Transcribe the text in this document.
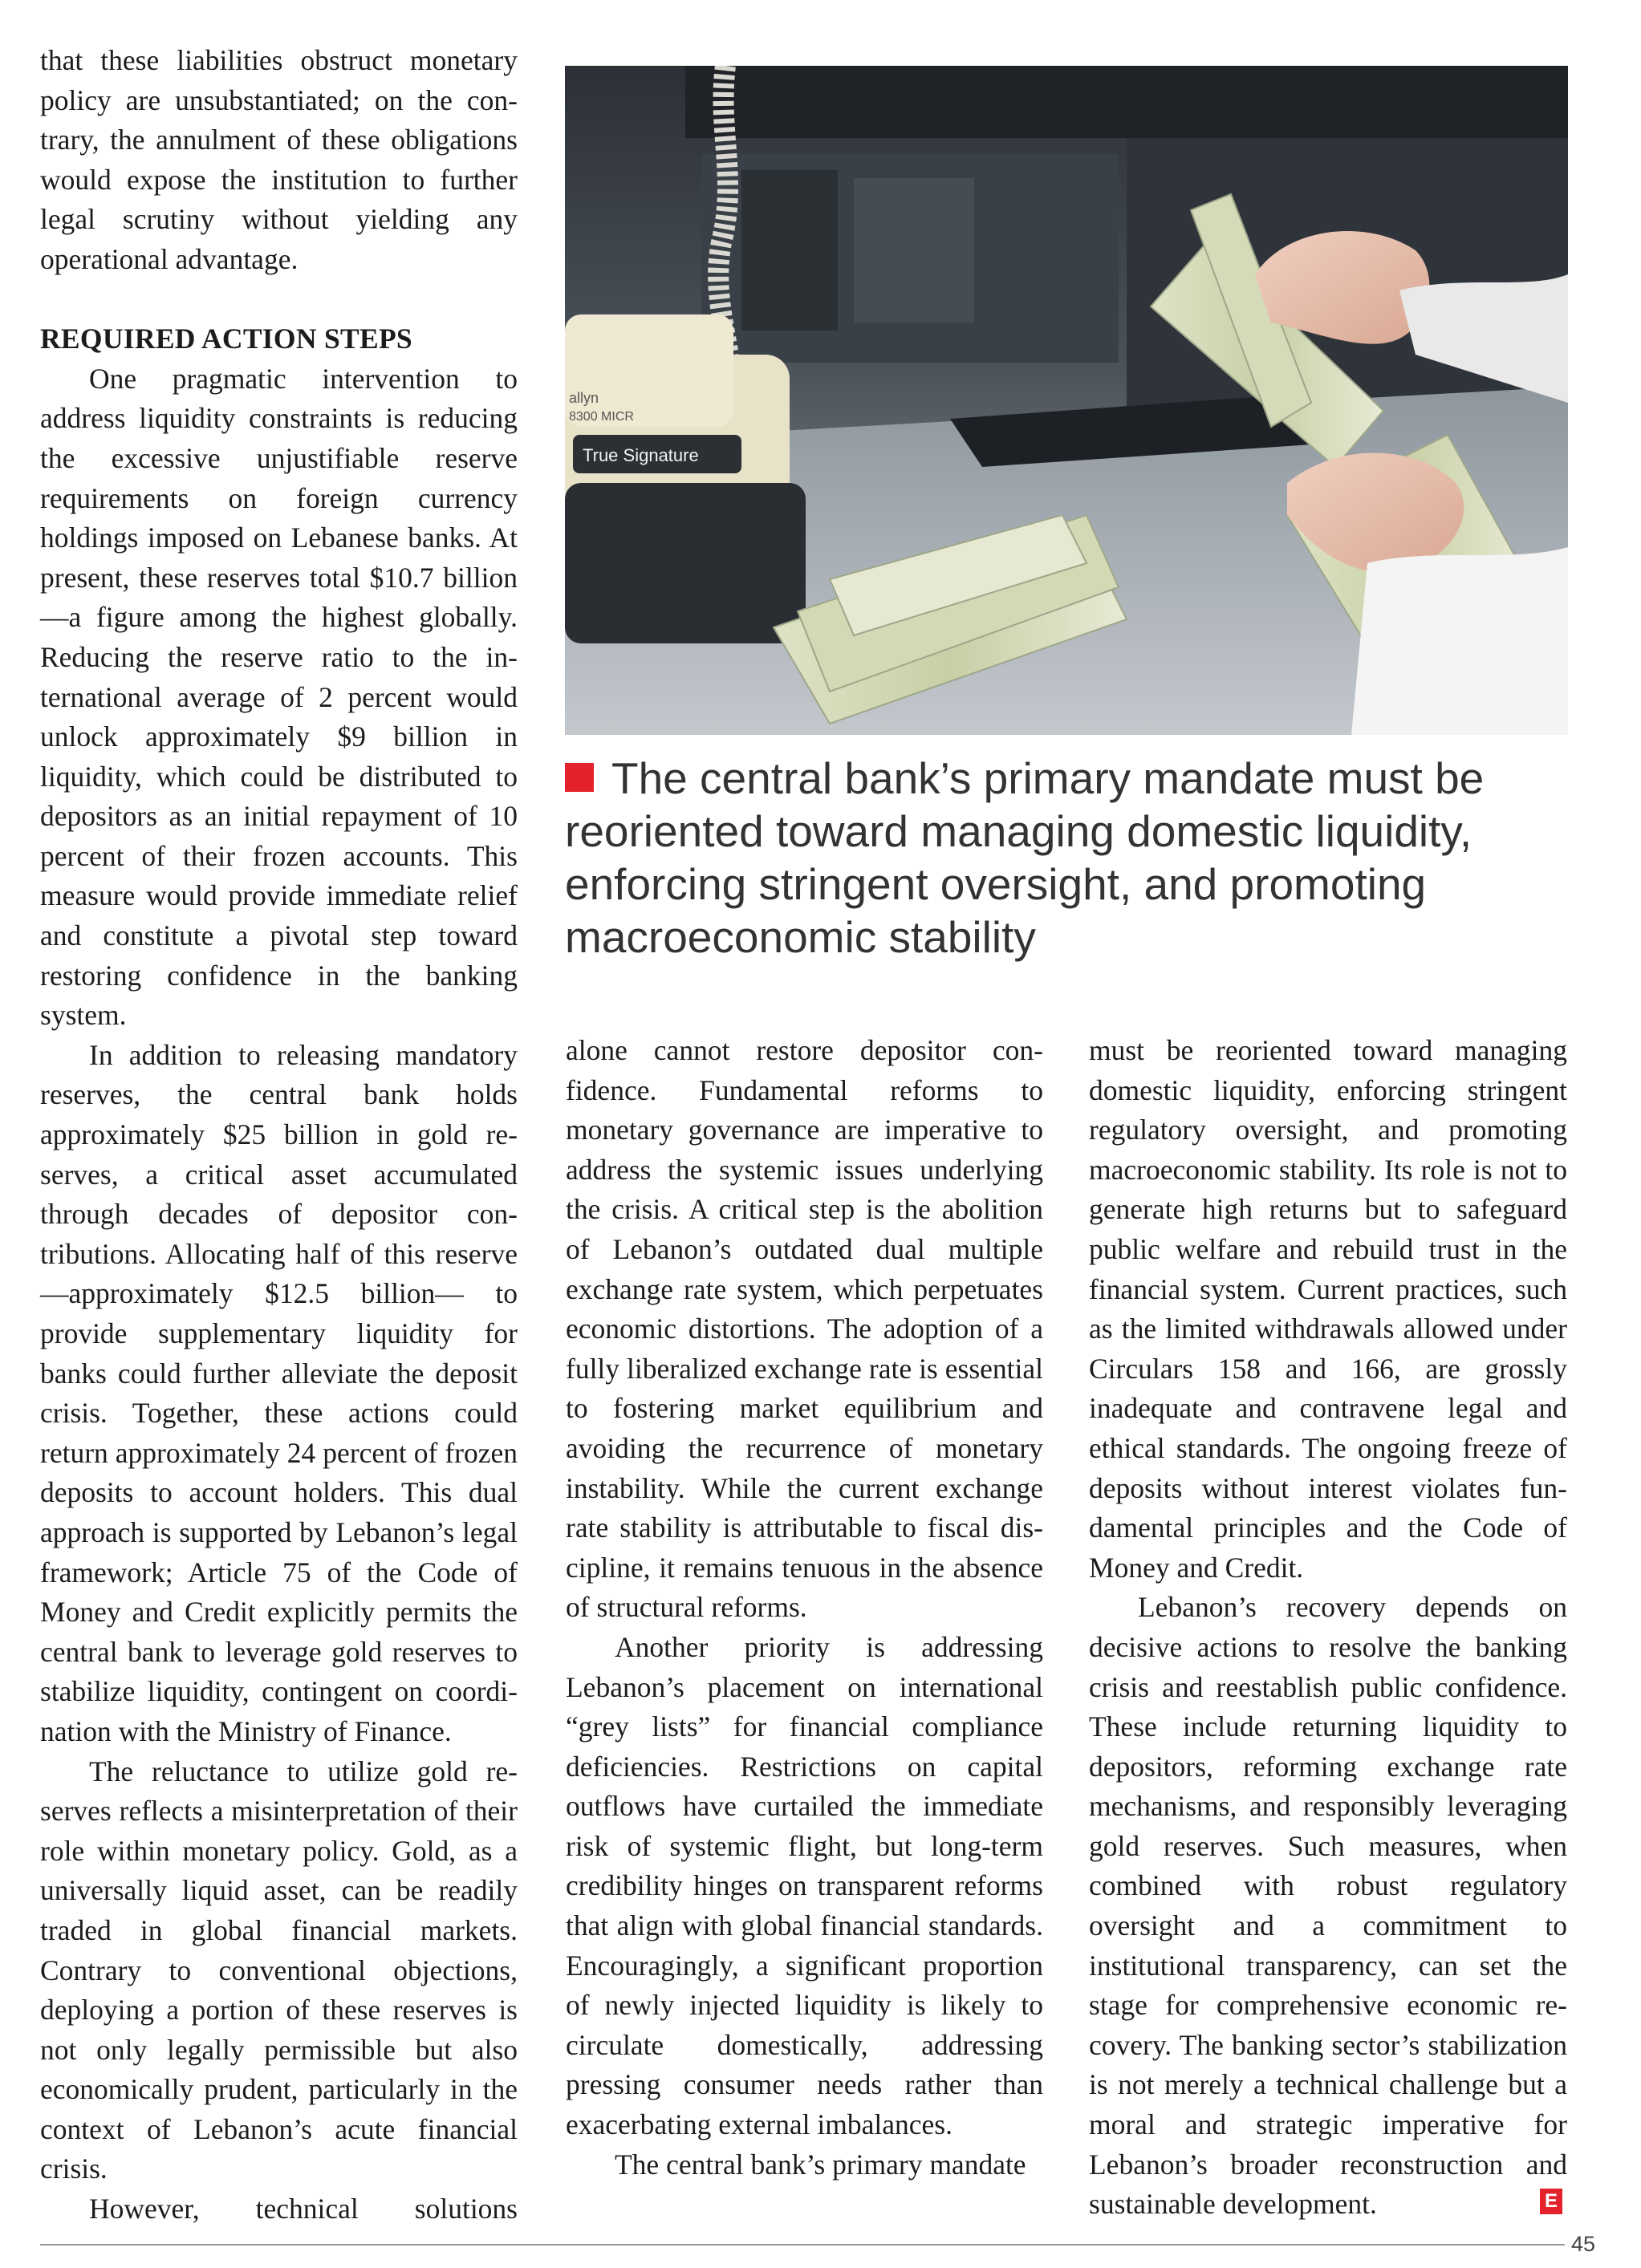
that these liabilities obstruct monetary policy are unsubstantiated; on the contrary, the annulment of these obligations would expose the institution to further legal scrutiny without yielding any operational advantage.

REQUIRED ACTION STEPS

One pragmatic intervention to address liquidity constraints is reducing the excessive unjustifiable reserve requirements on foreign currency holdings imposed on Lebanese banks. At present, these reserves total $10.7 billion—a figure among the highest globally. Reducing the reserve ratio to the international average of 2 percent would unlock approximately $9 billion in liquidity, which could be distributed to depositors as an initial repayment of 10 percent of their frozen accounts. This measure would provide immediate relief and constitute a pivotal step toward restoring confidence in the banking system.

In addition to releasing mandatory reserves, the central bank holds approximately $25 billion in gold reserves, a critical asset accumulated through decades of depositor contributions. Allocating half of this reserve—approximately $12.5 billion— to provide supplementary liquidity for banks could further alleviate the deposit crisis. Together, these actions could return approximately 24 percent of frozen deposits to account holders. This dual approach is supported by Lebanon’s legal framework; Article 75 of the Code of Money and Credit explicitly permits the central bank to leverage gold reserves to stabilize liquidity, contingent on coordination with the Ministry of Finance.

The reluctance to utilize gold reserves reflects a misinterpretation of their role within monetary policy. Gold, as a universally liquid asset, can be readily traded in global financial markets. Contrary to conventional objections, deploying a portion of these reserves is not only legally permissible but also economically prudent, particularly in the context of Lebanon’s acute financial crisis.

However, technical solutions

True Signature
allyn
8300 MICR
The central bank’s primary mandate must be reoriented toward managing domestic liquidity, enforcing stringent oversight, and promoting macroeconomic stability

alone cannot restore depositor confidence. Fundamental reforms to monetary governance are imperative to address the systemic issues underlying the crisis. A critical step is the abolition of Lebanon’s outdated dual multiple exchange rate system, which perpetuates economic distortions. The adoption of a fully liberalized exchange rate is essential to fostering market equilibrium and avoiding the recurrence of monetary instability. While the current exchange rate stability is attributable to fiscal discipline, it remains tenuous in the absence of structural reforms.

Another priority is addressing Lebanon’s placement on international “grey lists” for financial compliance deficiencies. Restrictions on capital outflows have curtailed the immediate risk of systemic flight, but long-term credibility hinges on transparent reforms that align with global financial standards. Encouragingly, a significant proportion of newly injected liquidity is likely to circulate domestically, addressing pressing consumer needs rather than exacerbating external imbalances.

The central bank’s primary mandate

must be reoriented toward managing domestic liquidity, enforcing stringent regulatory oversight, and promoting macroeconomic stability. Its role is not to generate high returns but to safeguard public welfare and rebuild trust in the financial system. Current practices, such as the limited withdrawals allowed under Circulars 158 and 166, are grossly inadequate and contravene legal and ethical standards. The ongoing freeze of deposits without interest violates fundamental principles and the Code of Money and Credit.

Lebanon’s recovery depends on decisive actions to resolve the banking crisis and reestablish public confidence. These include returning liquidity to depositors, reforming exchange rate mechanisms, and responsibly leveraging gold reserves. Such measures, when combined with robust regulatory oversight and a commitment to institutional transparency, can set the stage for comprehensive economic recovery. The banking sector’s stabilization is not merely a technical challenge but a moral and strategic imperative for Lebanon’s broader reconstruction and sustainable development.	E
45
